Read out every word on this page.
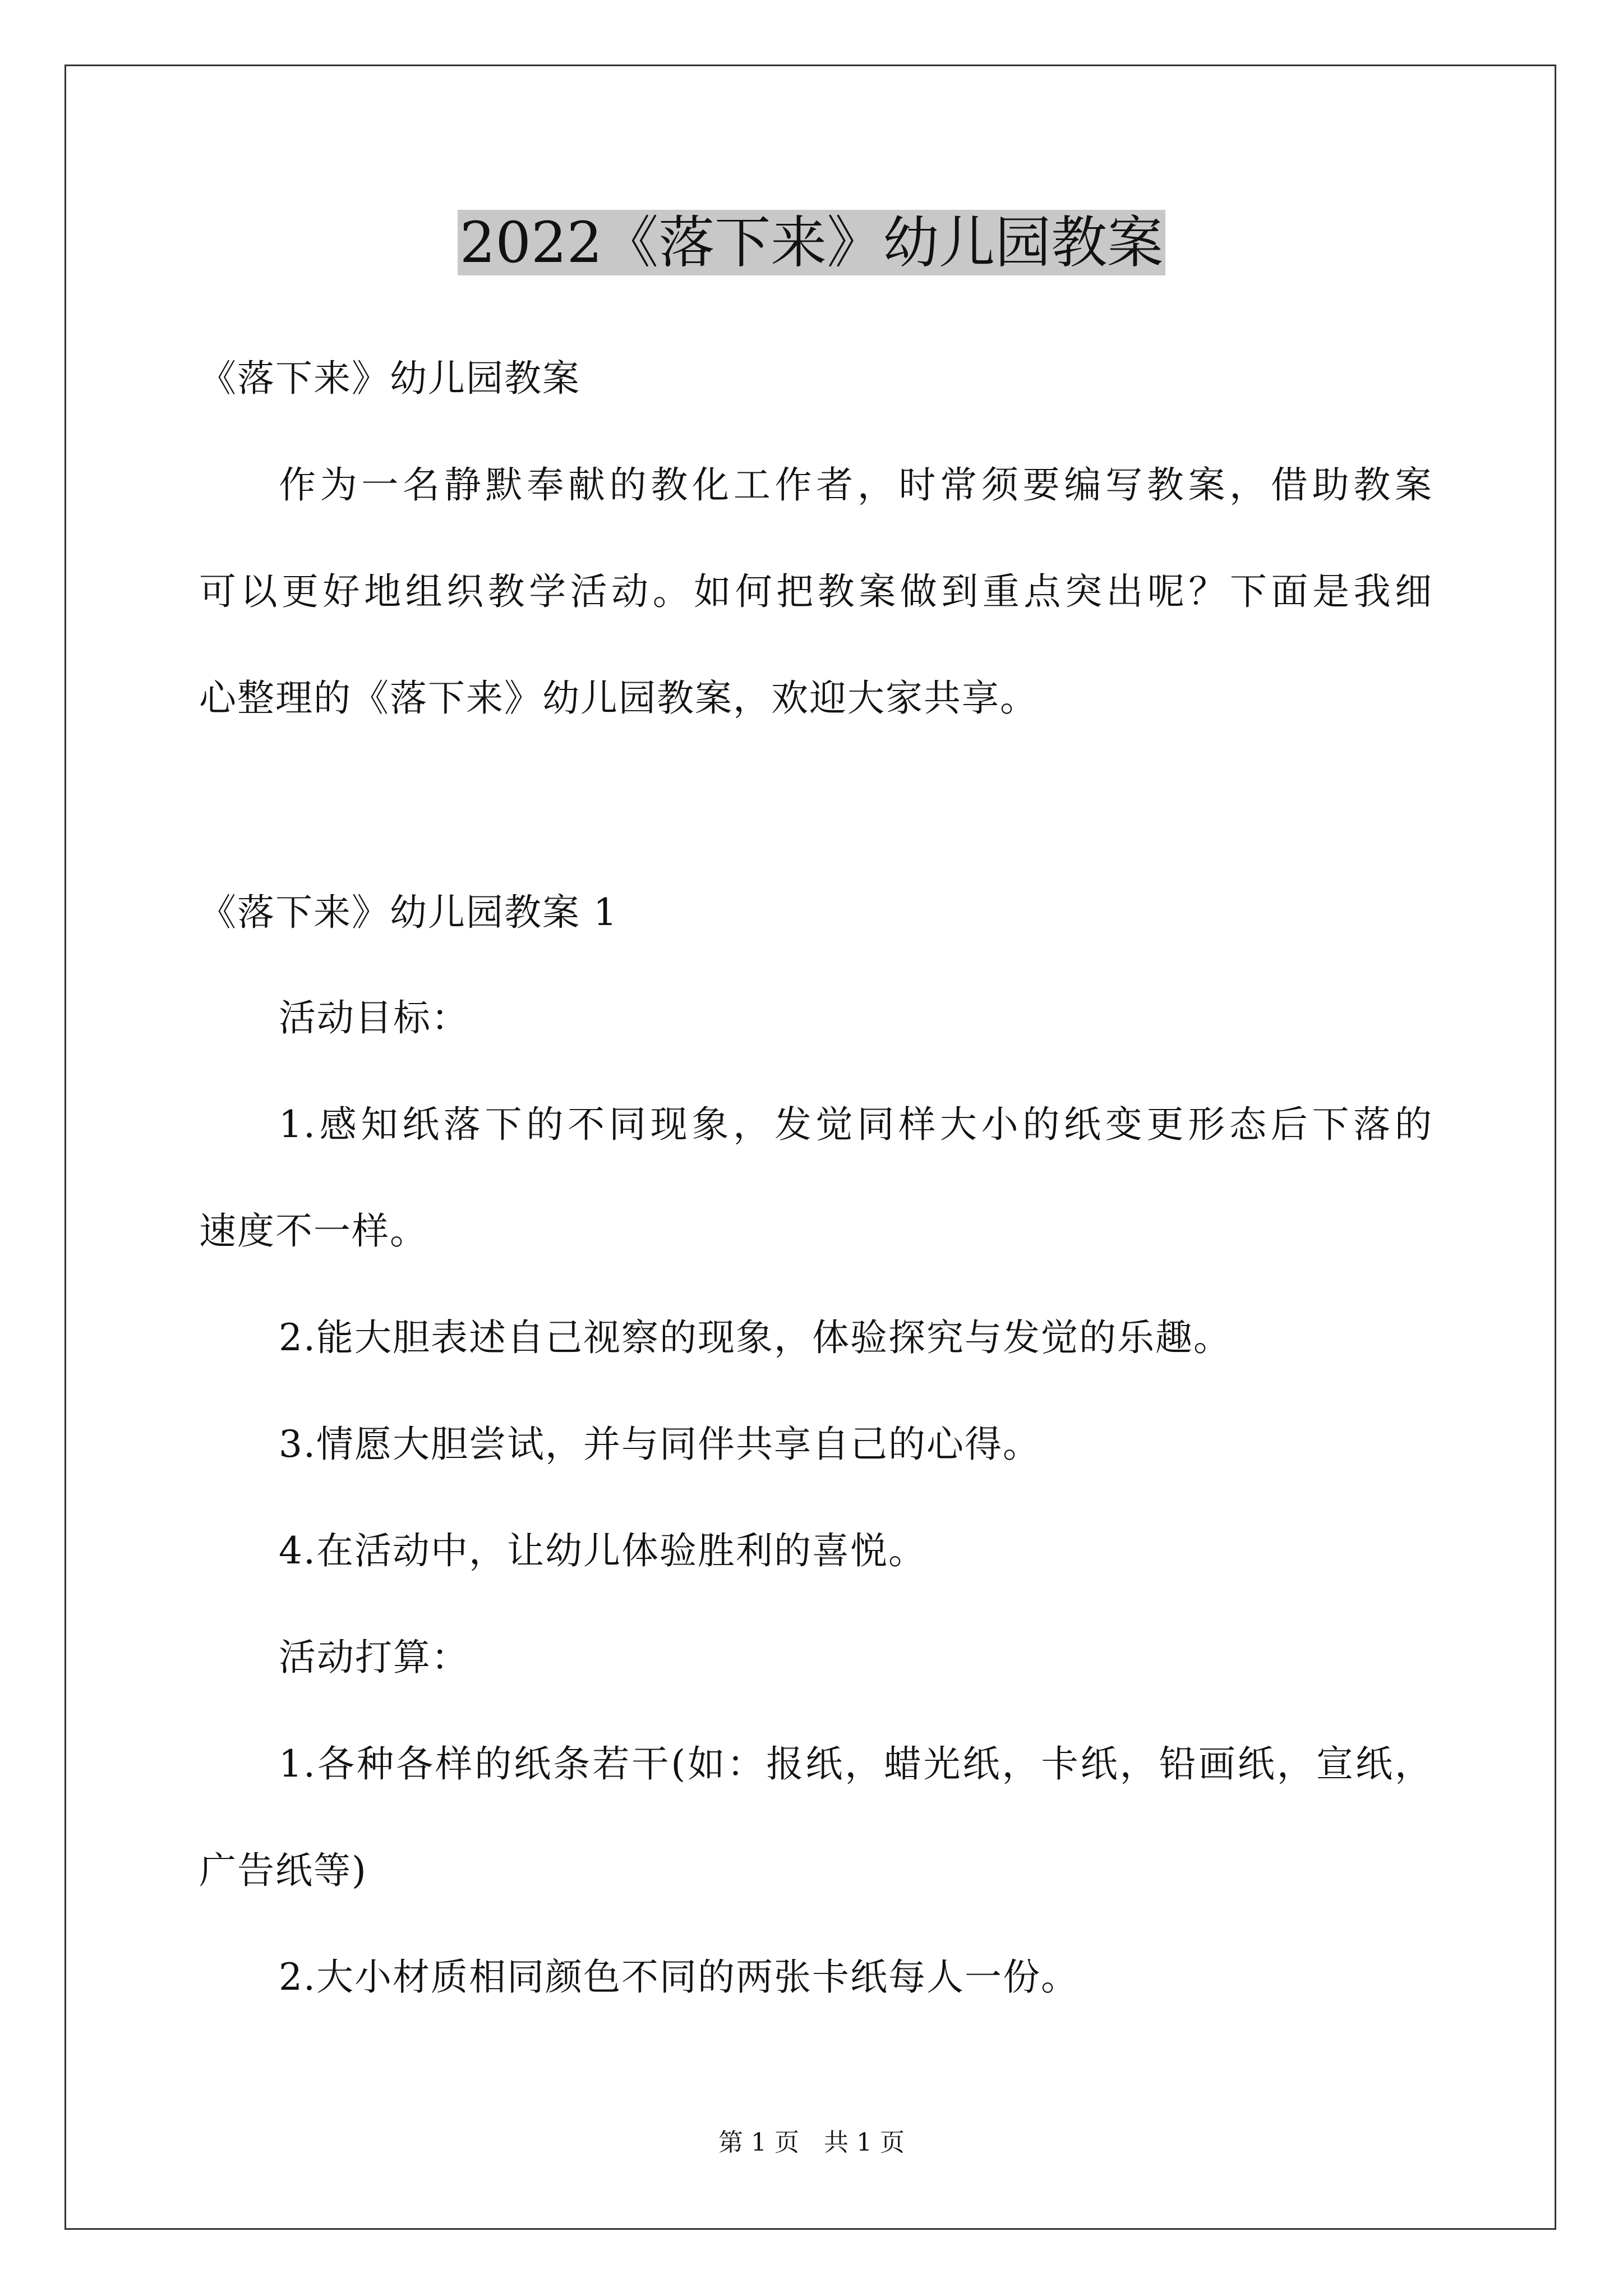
2022《落下来》幼儿园教案
《落下来》幼儿园教案
作为一名静默奉献的教化工作者，时常须要编写教案，借助教案
可以更好地组织教学活动。如何把教案做到重点突出呢？下面是我细
心整理的《落下来》幼儿园教案，欢迎大家共享。
《落下来》幼儿园教案 1
活动目标：
1.感知纸落下的不同现象，发觉同样大小的纸变更形态后下落的
速度不一样。
2.能大胆表述自己视察的现象，体验探究与发觉的乐趣。
3.情愿大胆尝试，并与同伴共享自己的心得。
4.在活动中，让幼儿体验胜利的喜悦。
活动打算：
1.各种各样的纸条若干(如：报纸，蜡光纸，卡纸，铅画纸，宣纸，
广告纸等)
2.大小材质相同颜色不同的两张卡纸每人一份。
第 1 页　共 1 页
